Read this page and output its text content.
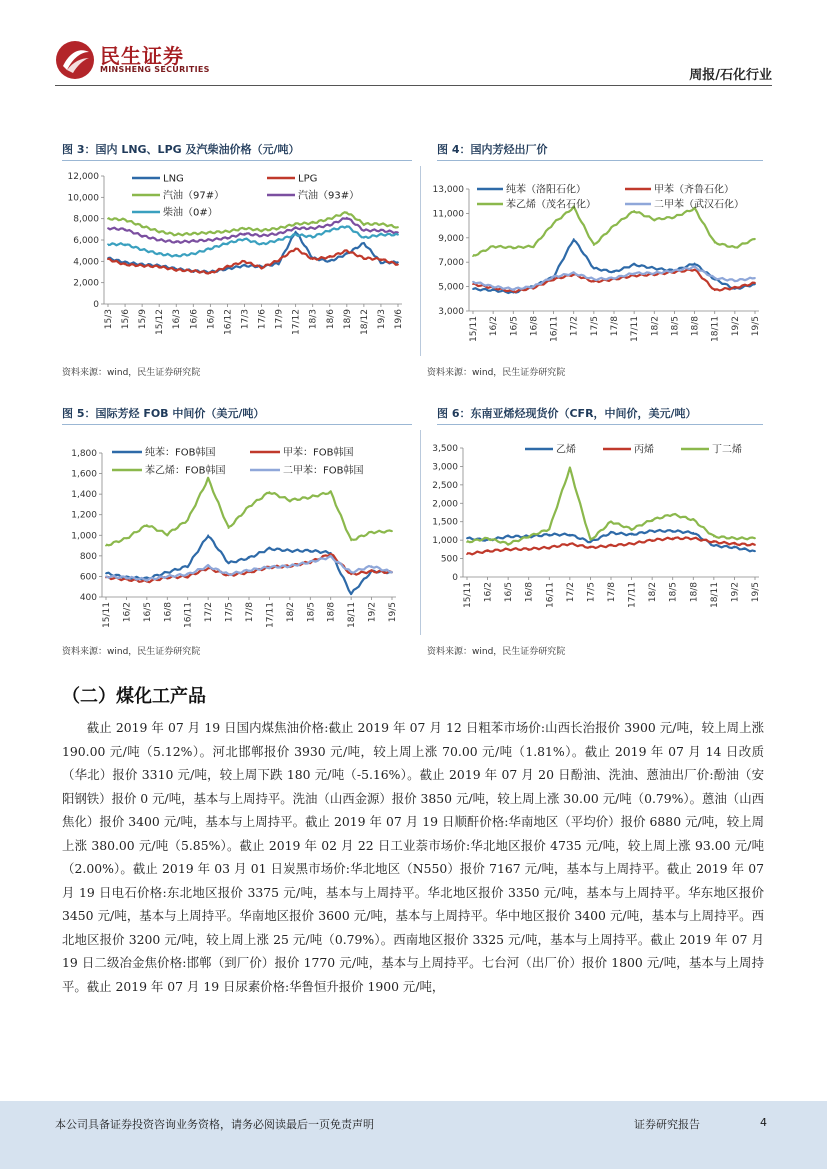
民生证券
MINSHENG SECURITIES	周报/石化行业
图 3：国内 LNG、LPG 及汽柴油价格（元/吨）
0
2,000
4,000
6,000
8,000
10,000
12,000
15/3 15/6 15/9 15/12 16/3 16/6 16/9 16/12 17/3 17/6 17/9 17/12 18/3 18/6 18/9 18/12 19/3 19/6
LNG	LPG
汽油（97#）	汽油（93#）
柴油（0#）
资料来源：wind，民生证券研究院
图 4：国内芳烃出厂价
3,000
5,000
7,000
9,000
11,000
13,000
15/11 16/2 16/5 16/8 16/11 17/2 17/5 17/8 17/11 18/2 18/5 18/8 18/11 19/2 19/5
纯苯（洛阳石化）	甲苯（齐鲁石化）
苯乙烯（茂名石化）	二甲苯（武汉石化）
资料来源：wind，民生证券研究院
图 5：国际芳烃 FOB 中间价（美元/吨）
400
600
800
1,000
1,200
1,400
1,600
1,800
15/11 16/2 16/5 16/8 16/11 17/2 17/5 17/8 17/11 18/2 18/5 18/8 18/11 19/2 19/5
纯苯：FOB韩国	甲苯：FOB韩国
苯乙烯：FOB韩国	二甲苯：FOB韩国
资料来源：wind，民生证券研究院
图 6：东南亚烯烃现货价（CFR，中间价，美元/吨）
0
500
1,000
1,500
2,000
2,500
3,000
3,500
15/11 16/2 16/5 16/8 16/11 17/2 17/5 17/8 17/11 18/2 18/5 18/8 18/11 19/2 19/5
乙烯	丙烯	丁二烯
资料来源：wind，民生证券研究院
（二）煤化工产品
截止 2019 年 07 月 19 日国内煤焦油价格:截止 2019 年 07 月 12 日粗苯市场价:山西长治报价 3900 元/吨，较上周上涨 190.00 元/吨（5.12%）。河北邯郸报价 3930 元/吨，较上周上涨 70.00 元/吨（1.81%）。截止 2019 年 07 月 14 日改质（华北）报价 3310 元/吨，较上周下跌 180 元/吨（-5.16%）。截止 2019 年 07 月 20 日酚油、洗油、蒽油出厂价:酚油（安阳钢铁）报价 0 元/吨，基本与上周持平。洗油（山西金源）报价 3850 元/吨，较上周上涨 30.00 元/吨（0.79%）。蒽油（山西焦化）报价 3400 元/吨，基本与上周持平。截止 2019 年 07 月 19 日顺酐价格:华南地区（平均价）报价 6880 元/吨，较上周上涨 380.00 元/吨（5.85%）。截止 2019 年 02 月 22 日工业萘市场价:华北地区报价 4735 元/吨，较上周上涨 93.00 元/吨（2.00%）。截止 2019 年 03 月 01 日炭黑市场价:华北地区（N550）报价 7167 元/吨，基本与上周持平。截止 2019 年 07 月 19 日电石价格:东北地区报价 3375 元/吨，基本与上周持平。华北地区报价 3350 元/吨，基本与上周持平。华东地区报价 3450 元/吨，基本与上周持平。华南地区报价 3600 元/吨，基本与上周持平。华中地区报价 3400 元/吨，基本与上周持平。西北地区报价 3200 元/吨，较上周上涨 25 元/吨（0.79%）。西南地区报价 3325 元/吨，基本与上周持平。截止 2019 年 07 月 19 日二级冶金焦价格:邯郸（到厂价）报价 1770 元/吨，基本与上周持平。七台河（出厂价）报价 1800 元/吨，基本与上周持平。截止 2019 年 07 月 19 日尿素价格:华鲁恒升报价 1900 元/吨，
本公司具备证券投资咨询业务资格，请务必阅读最后一页免责声明	证券研究报告	4
